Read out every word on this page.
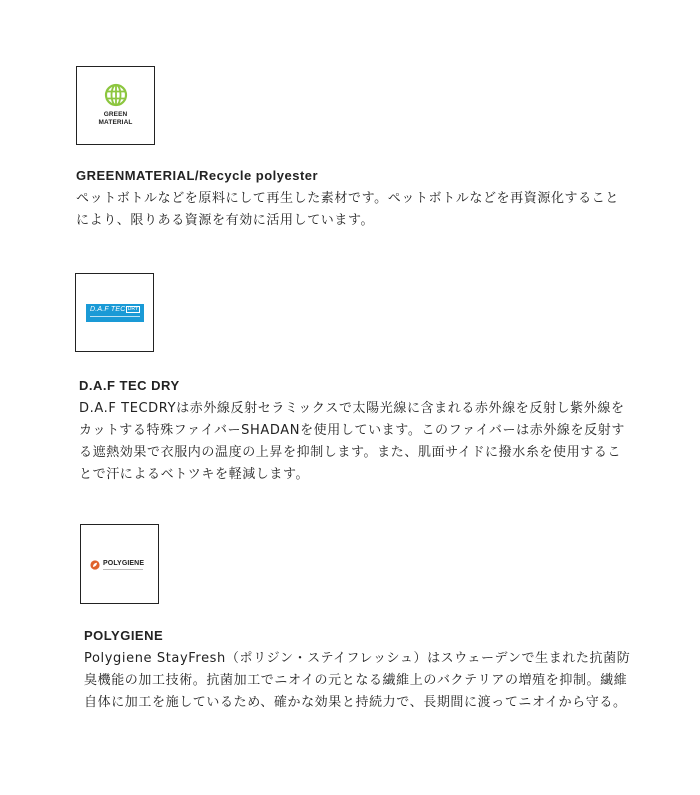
GREEN
MATERIAL

GREENMATERIAL/Recycle polyester

ペットボトルなどを原料にして再生した素材です。ペットボトルなどを再資源化することにより、限りある資源を有効に活用しています。

D.A.F TEC DRY

D.A.F TEC DRY

D.A.F TECDRYは赤外線反射セラミックスで太陽光線に含まれる赤外線を反射し紫外線をカットする特殊ファイバーSHADANを使用しています。このファイバーは赤外線を反射する遮熱効果で衣服内の温度の上昇を抑制します。また、肌面サイドに撥水糸を使用することで汗によるベトツキを軽減します。

POLYGIENE

POLYGIENE

Polygiene StayFresh（ポリジン・ステイフレッシュ）はスウェーデンで生まれた抗菌防臭機能の加工技術。抗菌加工でニオイの元となる繊維上のバクテリアの増殖を抑制。繊維自体に加工を施しているため、確かな効果と持続力で、長期間に渡ってニオイから守る。
